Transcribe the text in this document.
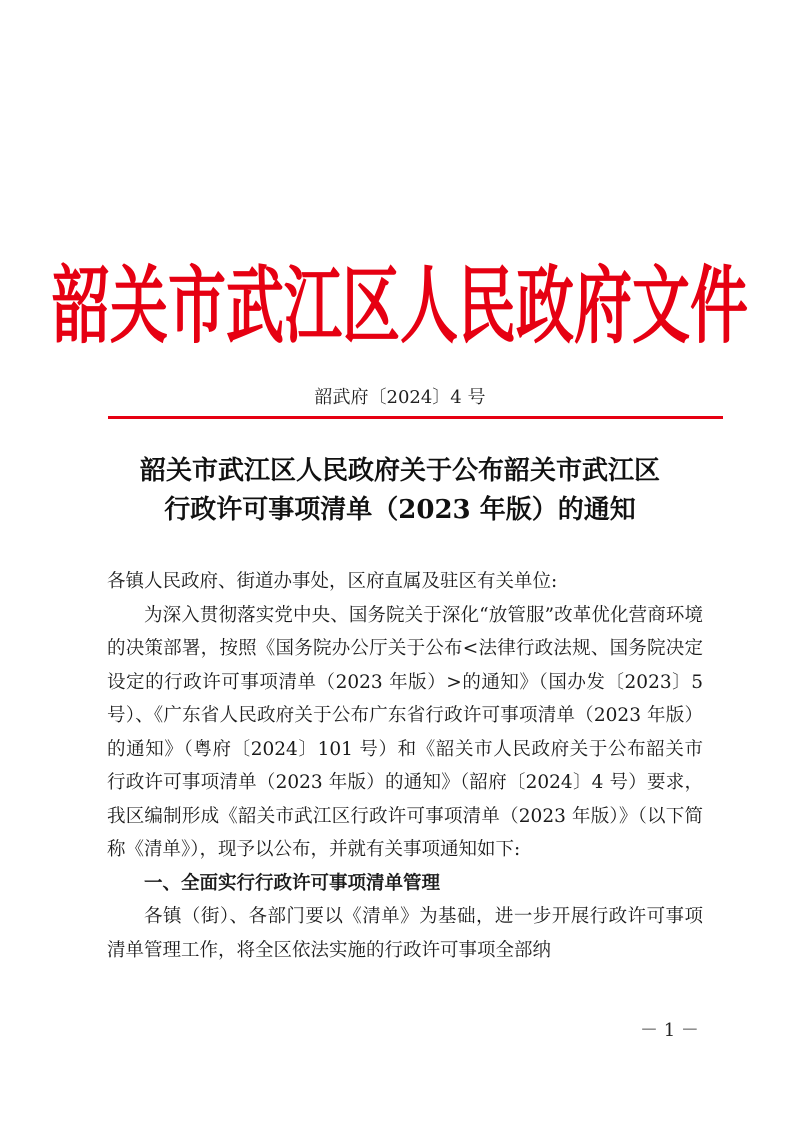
韶关市武江区人民政府文件
韶武府〔2024〕4 号
韶关市武江区人民政府关于公布韶关市武江区
行政许可事项清单（2023 年版）的通知

各镇人民政府、街道办事处，区府直属及驻区有关单位:

为深入贯彻落实党中央、国务院关于深化“放管服”改革优化营商环境的决策部署，按照《国务院办公厅关于公布<法律行政法规、国务院决定设定的行政许可事项清单（2023 年版）>的通知》（国办发〔2023〕5 号）、《广东省人民政府关于公布广东省行政许可事项清单（2023 年版）的通知》（粤府〔2024〕101 号）和《韶关市人民政府关于公布韶关市行政许可事项清单（2023 年版）的通知》（韶府〔2024〕4 号）要求，我区编制形成《韶关市武江区行政许可事项清单（2023 年版）》（以下简称《清单》），现予以公布，并就有关事项通知如下:

一、全面实行行政许可事项清单管理

各镇（街）、各部门要以《清单》为基础，进一步开展行政许可事项清单管理工作，将全区依法实施的行政许可事项全部纳

－ 1 －
